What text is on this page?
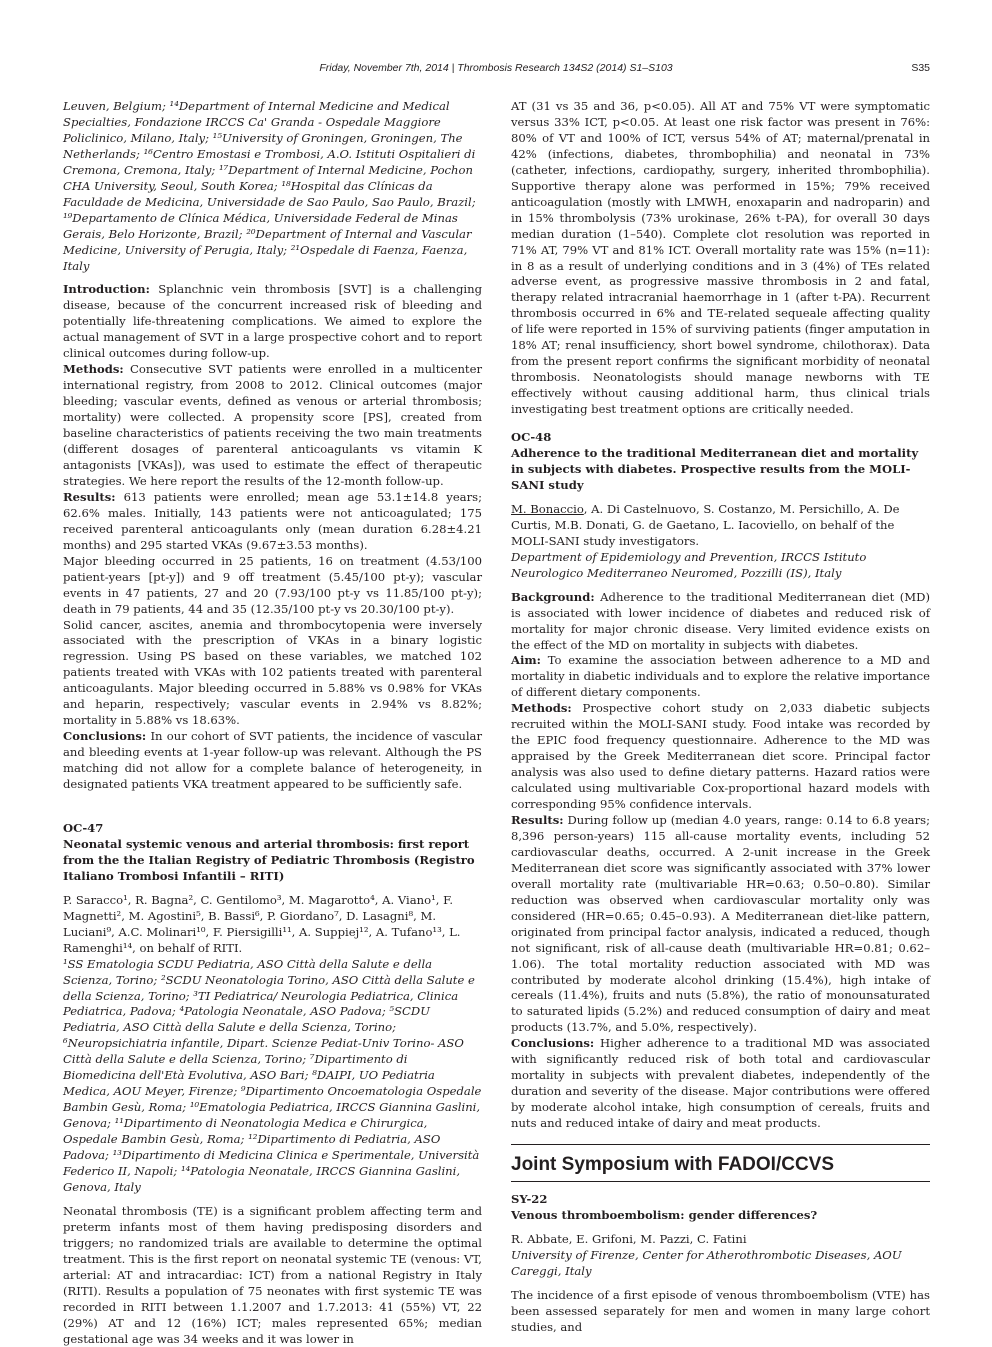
Friday, November 7th, 2014 | Thrombosis Research 134S2 (2014) S1–S103	S35

Leuven, Belgium; ¹⁴Department of Internal Medicine and Medical Specialties, Fondazione IRCCS Ca' Granda - Ospedale Maggiore Policlinico, Milano, Italy; ¹⁵University of Groningen, Groningen, The Netherlands; ¹⁶Centro Emostasi e Trombosi, A.O. Istituti Ospitalieri di Cremona, Cremona, Italy; ¹⁷Department of Internal Medicine, Pochon CHA University, Seoul, South Korea; ¹⁸Hospital das Clínicas da Faculdade de Medicina, Universidade de Sao Paulo, Sao Paulo, Brazil; ¹⁹Departamento de Clínica Médica, Universidade Federal de Minas Gerais, Belo Horizonte, Brazil; ²⁰Department of Internal and Vascular Medicine, University of Perugia, Italy; ²¹Ospedale di Faenza, Faenza, Italy

Introduction: Splanchnic vein thrombosis [SVT] is a challenging disease, because of the concurrent increased risk of bleeding and potentially life-threatening complications. We aimed to explore the actual management of SVT in a large prospective cohort and to report clinical outcomes during follow-up.

Methods: Consecutive SVT patients were enrolled in a multicenter international registry, from 2008 to 2012. Clinical outcomes (major bleeding; vascular events, defined as venous or arterial thrombosis; mortality) were collected. A propensity score [PS], created from baseline characteristics of patients receiving the two main treatments (different dosages of parenteral anticoagulants vs vitamin K antagonists [VKAs]), was used to estimate the effect of therapeutic strategies. We here report the results of the 12-month follow-up.

Results: 613 patients were enrolled; mean age 53.1±14.8 years; 62.6% males. Initially, 143 patients were not anticoagulated; 175 received parenteral anticoagulants only (mean duration 6.28±4.21 months) and 295 started VKAs (9.67±3.53 months).

Major bleeding occurred in 25 patients, 16 on treatment (4.53/100 patient-years [pt-y]) and 9 off treatment (5.45/100 pt-y); vascular events in 47 patients, 27 and 20 (7.93/100 pt-y vs 11.85/100 pt-y); death in 79 patients, 44 and 35 (12.35/100 pt-y vs 20.30/100 pt-y).

Solid cancer, ascites, anemia and thrombocytopenia were inversely associated with the prescription of VKAs in a binary logistic regression. Using PS based on these variables, we matched 102 patients treated with VKAs with 102 patients treated with parenteral anticoagulants. Major bleeding occurred in 5.88% vs 0.98% for VKAs and heparin, respectively; vascular events in 2.94% vs 8.82%; mortality in 5.88% vs 18.63%.

Conclusions: In our cohort of SVT patients, the incidence of vascular and bleeding events at 1-year follow-up was relevant. Although the PS matching did not allow for a complete balance of heterogeneity, in designated patients VKA treatment appeared to be sufficiently safe.

OC-47

Neonatal systemic venous and arterial thrombosis: first report from the the Italian Registry of Pediatric Thrombosis (Registro Italiano Trombosi Infantili – RITI)

P. Saracco¹, R. Bagna², C. Gentilomo³, M. Magarotto⁴, A. Viano¹, F. Magnetti², M. Agostini⁵, B. Bassi⁶, P. Giordano⁷, D. Lasagni⁸, M. Luciani⁹, A.C. Molinari¹⁰, F. Piersigilli¹¹, A. Suppiej¹², A. Tufano¹³, L. Ramenghi¹⁴, on behalf of RITI.

¹SS Ematologia SCDU Pediatria, ASO Città della Salute e della Scienza, Torino; ²SCDU Neonatologia Torino, ASO Città della Salute e della Scienza, Torino; ³TI Pediatrica/ Neurologia Pediatrica, Clinica Pediatrica, Padova; ⁴Patologia Neonatale, ASO Padova; ⁵SCDU Pediatria, ASO Città della Salute e della Scienza, Torino; ⁶Neuropsichiatria infantile, Dipart. Scienze Pediat-Univ Torino- ASO Città della Salute e della Scienza, Torino; ⁷Dipartimento di Biomedicina dell'Età Evolutiva, ASO Bari; ⁸DAIPI, UO Pediatria Medica, AOU Meyer, Firenze; ⁹Dipartimento Oncoematologia Ospedale Bambin Gesù, Roma; ¹⁰Ematologia Pediatrica, IRCCS Giannina Gaslini, Genova; ¹¹Dipartimento di Neonatologia Medica e Chirurgica, Ospedale Bambin Gesù, Roma; ¹²Dipartimento di Pediatria, ASO Padova; ¹³Dipartimento di Medicina Clinica e Sperimentale, Università Federico II, Napoli; ¹⁴Patologia Neonatale, IRCCS Giannina Gaslini, Genova, Italy

Neonatal thrombosis (TE) is a significant problem affecting term and preterm infants most of them having predisposing disorders and triggers; no randomized trials are available to determine the optimal treatment. This is the first report on neonatal systemic TE (venous: VT, arterial: AT and intracardiac: ICT) from a national Registry in Italy (RITI). Results a population of 75 neonates with first systemic TE was recorded in RITI between 1.1.2007 and 1.7.2013: 41 (55%) VT, 22 (29%) AT and 12 (16%) ICT; males represented 65%; median gestational age was 34 weeks and it was lower in

AT (31 vs 35 and 36, p<0.05). All AT and 75% VT were symptomatic versus 33% ICT, p<0.05. At least one risk factor was present in 76%: 80% of VT and 100% of ICT, versus 54% of AT; maternal/prenatal in 42% (infections, diabetes, thrombophilia) and neonatal in 73% (catheter, infections, cardiopathy, surgery, inherited thrombophilia). Supportive therapy alone was performed in 15%; 79% received anticoagulation (mostly with LMWH, enoxaparin and nadroparin) and in 15% thrombolysis (73% urokinase, 26% t-PA), for overall 30 days median duration (1–540). Complete clot resolution was reported in 71% AT, 79% VT and 81% ICT. Overall mortality rate was 15% (n=11): in 8 as a result of underlying conditions and in 3 (4%) of TEs related adverse event, as progressive massive thrombosis in 2 and fatal, therapy related intracranial haemorrhage in 1 (after t-PA). Recurrent thrombosis occurred in 6% and TE-related sequeale affecting quality of life were reported in 15% of surviving patients (finger amputation in 18% AT; renal insufficiency, short bowel syndrome, chilothorax). Data from the present report confirms the significant morbidity of neonatal thrombosis. Neonatologists should manage newborns with TE effectively without causing additional harm, thus clinical trials investigating best treatment options are critically needed.

OC-48

Adherence to the traditional Mediterranean diet and mortality in subjects with diabetes. Prospective results from the MOLI-SANI study

M. Bonaccio, A. Di Castelnuovo, S. Costanzo, M. Persichillo, A. De Curtis, M.B. Donati, G. de Gaetano, L. Iacoviello, on behalf of the MOLI-SANI study investigators.

Department of Epidemiology and Prevention, IRCCS Istituto Neurologico Mediterraneo Neuromed, Pozzilli (IS), Italy

Background: Adherence to the traditional Mediterranean diet (MD) is associated with lower incidence of diabetes and reduced risk of mortality for major chronic disease. Very limited evidence exists on the effect of the MD on mortality in subjects with diabetes.

Aim: To examine the association between adherence to a MD and mortality in diabetic individuals and to explore the relative importance of different dietary components.

Methods: Prospective cohort study on 2,033 diabetic subjects recruited within the MOLI-SANI study. Food intake was recorded by the EPIC food frequency questionnaire. Adherence to the MD was appraised by the Greek Mediterranean diet score. Principal factor analysis was also used to define dietary patterns. Hazard ratios were calculated using multivariable Cox-proportional hazard models with corresponding 95% confidence intervals.

Results: During follow up (median 4.0 years, range: 0.14 to 6.8 years; 8,396 person-years) 115 all-cause mortality events, including 52 cardiovascular deaths, occurred. A 2-unit increase in the Greek Mediterranean diet score was significantly associated with 37% lower overall mortality rate (multivariable HR=0.63; 0.50–0.80). Similar reduction was observed when cardiovascular mortality only was considered (HR=0.65; 0.45–0.93). A Mediterranean diet-like pattern, originated from principal factor analysis, indicated a reduced, though not significant, risk of all-cause death (multivariable HR=0.81; 0.62–1.06). The total mortality reduction associated with MD was contributed by moderate alcohol drinking (15.4%), high intake of cereals (11.4%), fruits and nuts (5.8%), the ratio of monounsaturated to saturated lipids (5.2%) and reduced consumption of dairy and meat products (13.7%, and 5.0%, respectively).

Conclusions: Higher adherence to a traditional MD was associated with significantly reduced risk of both total and cardiovascular mortality in subjects with prevalent diabetes, independently of the duration and severity of the disease. Major contributions were offered by moderate alcohol intake, high consumption of cereals, fruits and nuts and reduced intake of dairy and meat products.

Joint Symposium with FADOI/CCVS

SY-22

Venous thromboembolism: gender differences?

R. Abbate, E. Grifoni, M. Pazzi, C. Fatini

University of Firenze, Center for Atherothrombotic Diseases, AOU Careggi, Italy

The incidence of a first episode of venous thromboembolism (VTE) has been assessed separately for men and women in many large cohort studies, and
